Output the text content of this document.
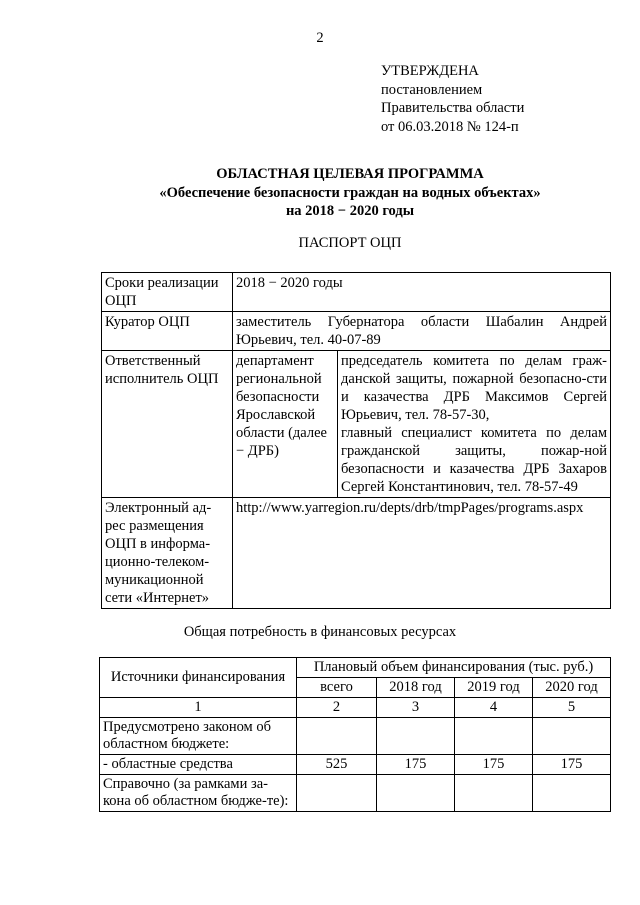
2
УТВЕРЖДЕНА
постановлением
Правительства области
от 06.03.2018 № 124-п
ОБЛАСТНАЯ ЦЕЛЕВАЯ ПРОГРАММА
«Обеспечение безопасности граждан на водных объектах»
на 2018 − 2020 годы
ПАСПОРТ ОЦП
Сроки реализации ОЦП	2018 − 2020 годы	
Куратор ОЦП	заместитель Губернатора области Шабалин Андрей Юрьевич, тел. 40-07-89	
Ответственный исполнитель ОЦП	департамент региональной безопасности Ярославской области (далее − ДРБ)	председатель комитета по делам граж-данской защиты, пожарной безопасно-сти и казачества ДРБ Максимов Сергей Юрьевич, тел. 78-57-30,
главный специалист комитета по делам гражданской защиты, пожар-ной безопасности и казачества ДРБ Захаров Сергей Константинович, тел. 78-57-49

Электронный ад-рес размещения ОЦП в информа-ционно-телеком-муникационной сети «Интернет»	http://www.yarregion.ru/depts/drb/tmpPages/programs.aspx	
Общая потребность в финансовых ресурсах
Источники финансирования	Плановый объем финансирования (тыс. руб.)			
	всего	2018 год	2019 год	2020 год
1	2	3	4	5
Предусмотрено законом об областном бюджете:				
- областные средства	525	175	175	175
Справочно (за рамками за-кона об областном бюдже-те):				
